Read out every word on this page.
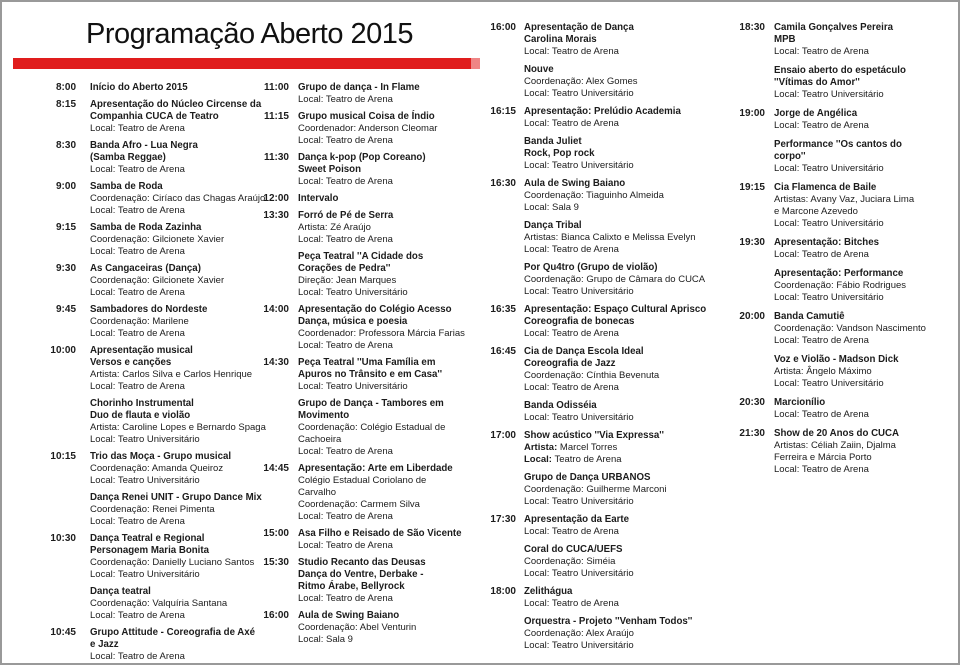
Programação Aberto 2015
8:00 Início do Aberto 2015
8:15 Apresentação do Núcleo Circense da
Companhia CUCA de Teatro
Local: Teatro de Arena
8:30 Banda Afro - Lua Negra
(Samba Reggae)
Local: Teatro de Arena
9:00 Samba de Roda
Coordenação: Ciríaco das Chagas Araújo
Local: Teatro de Arena
9:15 Samba de Roda Zazinha
Coordenação: Gilcionete Xavier
Local: Teatro de Arena
9:30 As Cangaceiras (Dança)
Coordenação: Gilcionete Xavier
Local: Teatro de Arena
9:45 Sambadores do Nordeste
Coordenação: Marilene
Local: Teatro de Arena
10:00 Apresentação musical
Versos e canções
Artista: Carlos Silva e Carlos Henrique
Local: Teatro de Arena
Chorinho Instrumental
Duo de flauta e violão
Artista: Caroline Lopes e Bernardo Spaga
Local: Teatro Universitário
10:15 Trio das Moça - Grupo musical
Coordenação: Amanda Queiroz
Local: Teatro Universitário
Dança Renei UNIT - Grupo Dance Mix
Coordenação: Renei Pimenta
Local: Teatro de Arena
10:30 Dança Teatral e Regional
Personagem Maria Bonita
Coordenação: Danielly Luciano Santos
Local: Teatro Universitário
Dança teatral
Coordenação: Valquíria Santana
Local: Teatro de Arena
10:45 Grupo Attitude - Coreografia de Axé
e Jazz
Local: Teatro de Arena
11:00 Grupo de dança - In Flame
Local: Teatro de Arena
11:15 Grupo musical Coisa de Índio
Coordenador: Anderson Cleomar
Local: Teatro de Arena
11:30 Dança k-pop (Pop Coreano)
Sweet Poison
Local: Teatro de Arena
12:00 Intervalo
13:30 Forró de Pé de Serra
Artista: Zé Araújo
Local: Teatro de Arena
Peça Teatral ''A Cidade dos
Corações de Pedra''
Direção: Jean Marques
Local: Teatro Universitário
14:00 Apresentação do Colégio Acesso
Dança, música e poesia
Coordenador: Professora Márcia Farias
Local: Teatro de Arena
14:30 Peça Teatral ''Uma Família em
Apuros no Trânsito e em Casa''
Local: Teatro Universitário
Grupo de Dança - Tambores em
Movimento
Coordenação: Colégio Estadual de
Cachoeira
Local: Teatro de Arena
14:45 Apresentação: Arte em Liberdade
Colégio Estadual Coriolano de
Carvalho
Coordenação: Carmem Silva
Local: Teatro de Arena
15:00 Asa Filho e Reisado de São Vicente
Local: Teatro de Arena
15:30 Studio Recanto das Deusas
Dança do Ventre, Derbake -
Ritmo Árabe, Bellyrock
Local: Teatro de Arena
16:00 Aula de Swing Baiano
Coordenação: Abel Venturin
Local: Sala 9
16:00 Apresentação de Dança
Carolina Morais
Local: Teatro de Arena
Nouve
Coordenação: Alex Gomes
Local: Teatro Universitário
16:15 Apresentação: Prelúdio Academia
Local: Teatro de Arena
Banda Juliet
Rock, Pop rock
Local: Teatro Universitário
16:30 Aula de Swing Baiano
Coordenação: Tiaguinho Almeida
Local: Sala 9
Dança Tribal
Artistas: Bianca Calixto e Melissa Evelyn
Local: Teatro de Arena
Por Qu4tro (Grupo de violão)
Coordenação: Grupo de Câmara do CUCA
Local: Teatro Universitário
16:35 Apresentação: Espaço Cultural Aprisco
Coreografia de bonecas
Local: Teatro de Arena
16:45 Cia de Dança Escola Ideal
Coreografia de Jazz
Coordenação: Cínthia Bevenuta
Local: Teatro de Arena
Banda Odisséia
Local: Teatro Universitário
17:00 Show acústico ''Via Expressa''
Artista: Marcel Torres
Local: Teatro de Arena
Grupo de Dança URBANOS
Coordenação: Guilherme Marconi
Local: Teatro Universitário
17:30 Apresentação da Earte
Local: Teatro de Arena
Coral do CUCA/UEFS
Coordenação: Siméia
Local: Teatro Universitário
18:00 Zelithágua
Local: Teatro de Arena
Orquestra - Projeto ''Venham Todos''
Coordenação: Alex Araújo
Local: Teatro Universitário
18:30 Camila Gonçalves Pereira
MPB
Local: Teatro de Arena
Ensaio aberto do espetáculo
''Vítimas do Amor''
Local: Teatro Universitário
19:00 Jorge de Angélica
Local: Teatro de Arena
Performance ''Os cantos do
corpo''
Local: Teatro Universitário
19:15 Cia Flamenca de Baile
Artistas: Avany Vaz, Juciara Lima
e Marcone Azevedo
Local: Teatro Universitário
19:30 Apresentação: Bitches
Local: Teatro de Arena
Apresentação: Performance
Coordenação: Fábio Rodrigues
Local: Teatro Universitário
20:00 Banda Camutiê
Coordenação: Vandson Nascimento
Local: Teatro de Arena
Voz e Violão - Madson Dick
Artista: Ângelo Máximo
Local: Teatro Universitário
20:30 Marcionílio
Local: Teatro de Arena
21:30 Show de 20 Anos do CUCA
Artistas: Céliah Zaiin, Djalma
Ferreira e Márcia Porto
Local: Teatro de Arena
